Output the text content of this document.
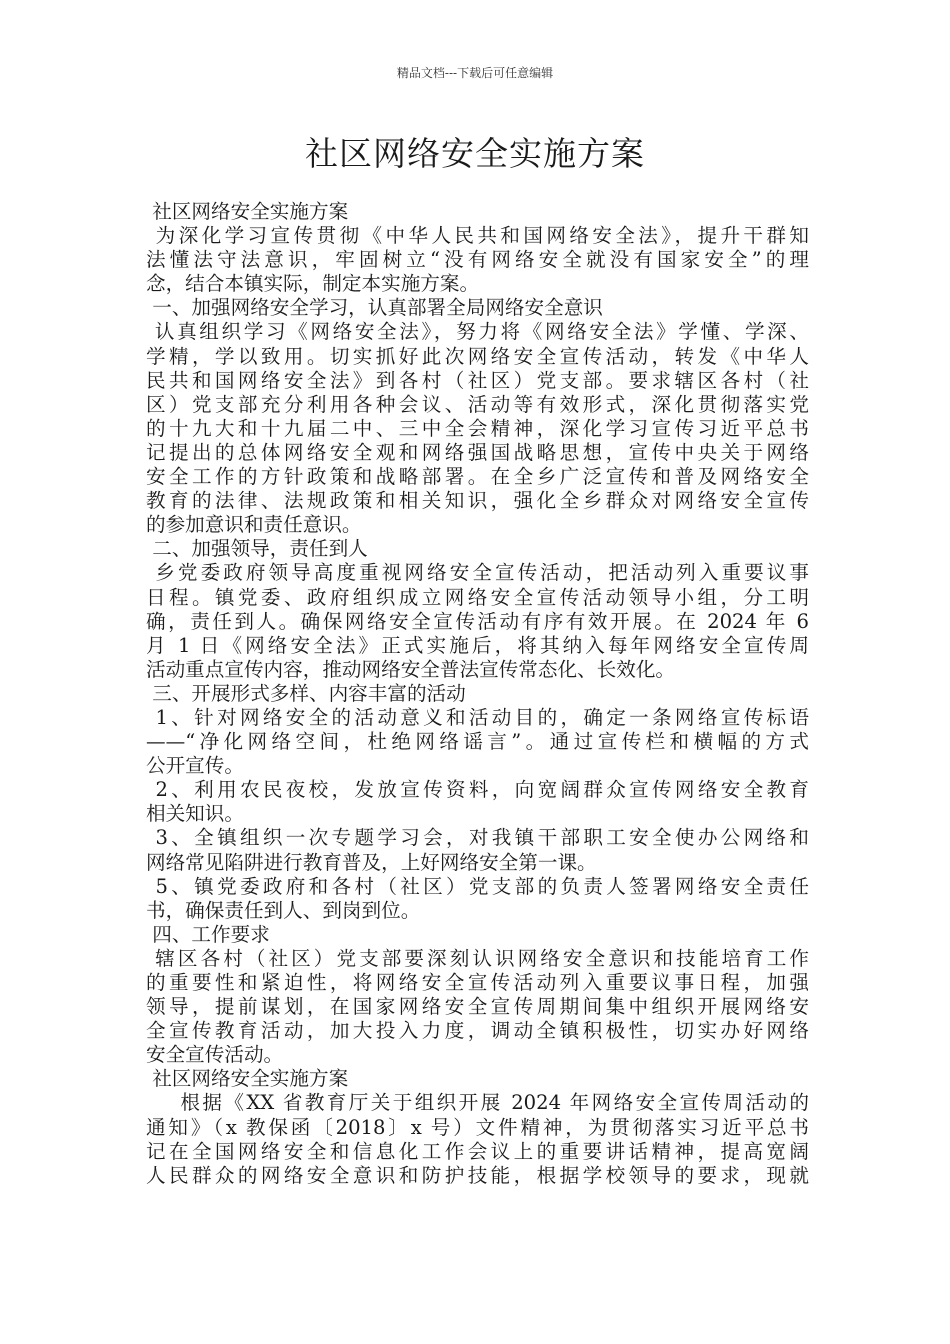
精品文档---下载后可任意编辑
社区网络安全实施方案
社区网络安全实施方案
为深化学习宣传贯彻《中华人民共和国网络安全法》，提升干群知
法懂法守法意识，牢固树立“没有网络安全就没有国家安全”的理
念，结合本镇实际，制定本实施方案。
一、加强网络安全学习，认真部署全局网络安全意识
认真组织学习《网络安全法》，努力将《网络安全法》学懂、学深、
学精，学以致用。切实抓好此次网络安全宣传活动，转发《中华人
民共和国网络安全法》到各村（社区）党支部。要求辖区各村（社
区）党支部充分利用各种会议、活动等有效形式，深化贯彻落实党
的十九大和十九届二中、三中全会精神，深化学习宣传习近平总书
记提出的总体网络安全观和网络强国战略思想，宣传中央关于网络
安全工作的方针政策和战略部署。在全乡广泛宣传和普及网络安全
教育的法律、法规政策和相关知识，强化全乡群众对网络安全宣传
的参加意识和责任意识。
二、加强领导，责任到人
乡党委政府领导高度重视网络安全宣传活动，把活动列入重要议事
日程。镇党委、政府组织成立网络安全宣传活动领导小组，分工明
确，责任到人。确保网络安全宣传活动有序有效开展。在 2024 年 6
月 1 日《网络安全法》正式实施后，将其纳入每年网络安全宣传周
活动重点宣传内容，推动网络安全普法宣传常态化、长效化。
三、开展形式多样、内容丰富的活动
1、针对网络安全的活动意义和活动目的，确定一条网络宣传标语
——“净化网络空间，杜绝网络谣言”。通过宣传栏和横幅的方式
公开宣传。
2、利用农民夜校，发放宣传资料，向宽阔群众宣传网络安全教育
相关知识。
3、全镇组织一次专题学习会，对我镇干部职工安全使办公网络和
网络常见陷阱进行教育普及，上好网络安全第一课。
5、镇党委政府和各村（社区）党支部的负责人签署网络安全责任
书，确保责任到人、到岗到位。
四、工作要求
辖区各村（社区）党支部要深刻认识网络安全意识和技能培育工作
的重要性和紧迫性，将网络安全宣传活动列入重要议事日程，加强
领导，提前谋划，在国家网络安全宣传周期间集中组织开展网络安
全宣传教育活动，加大投入力度，调动全镇积极性，切实办好网络
安全宣传活动。
社区网络安全实施方案
根据《XX 省教育厅关于组织开展 2024 年网络安全宣传周活动的
通知》（x 教保函〔2018〕x 号）文件精神，为贯彻落实习近平总书
记在全国网络安全和信息化工作会议上的重要讲话精神，提高宽阔
人民群众的网络安全意识和防护技能，根据学校领导的要求，现就
